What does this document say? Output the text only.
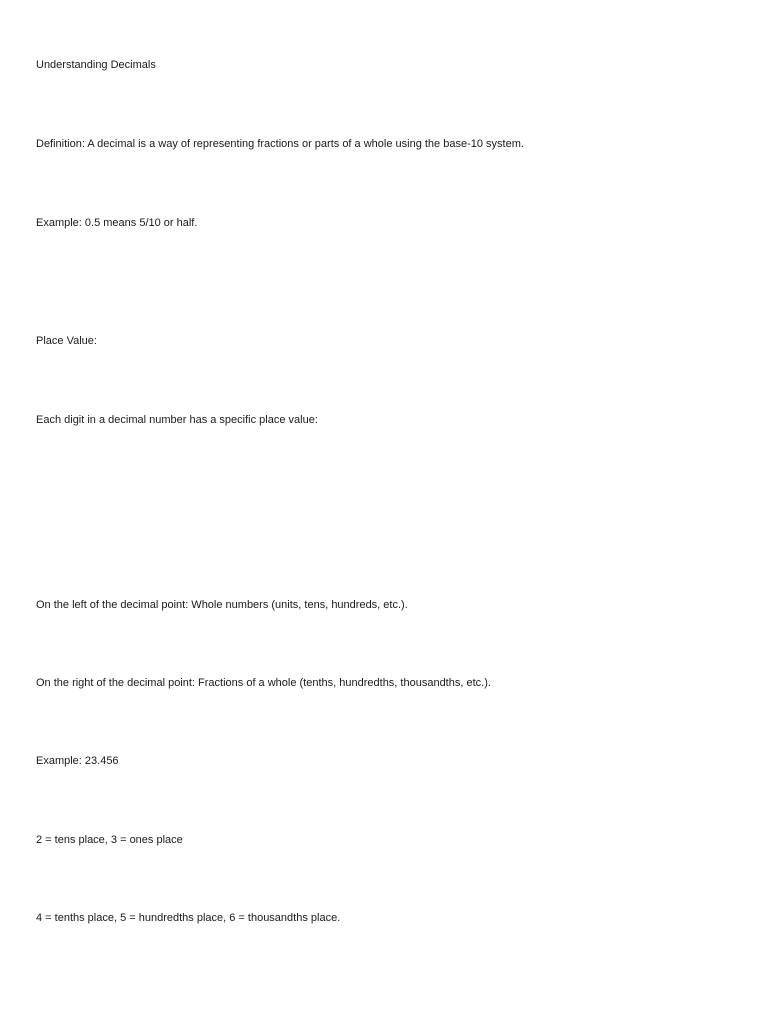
Understanding Decimals
Definition: A decimal is a way of representing fractions or parts of a whole using the base-10 system.
Example: 0.5 means 5/10 or half.
Place Value:
Each digit in a decimal number has a specific place value:
On the left of the decimal point: Whole numbers (units, tens, hundreds, etc.).
On the right of the decimal point: Fractions of a whole (tenths, hundredths, thousandths, etc.).
Example: 23.456
2 = tens place, 3 = ones place
4 = tenths place, 5 = hundredths place, 6 = thousandths place.
